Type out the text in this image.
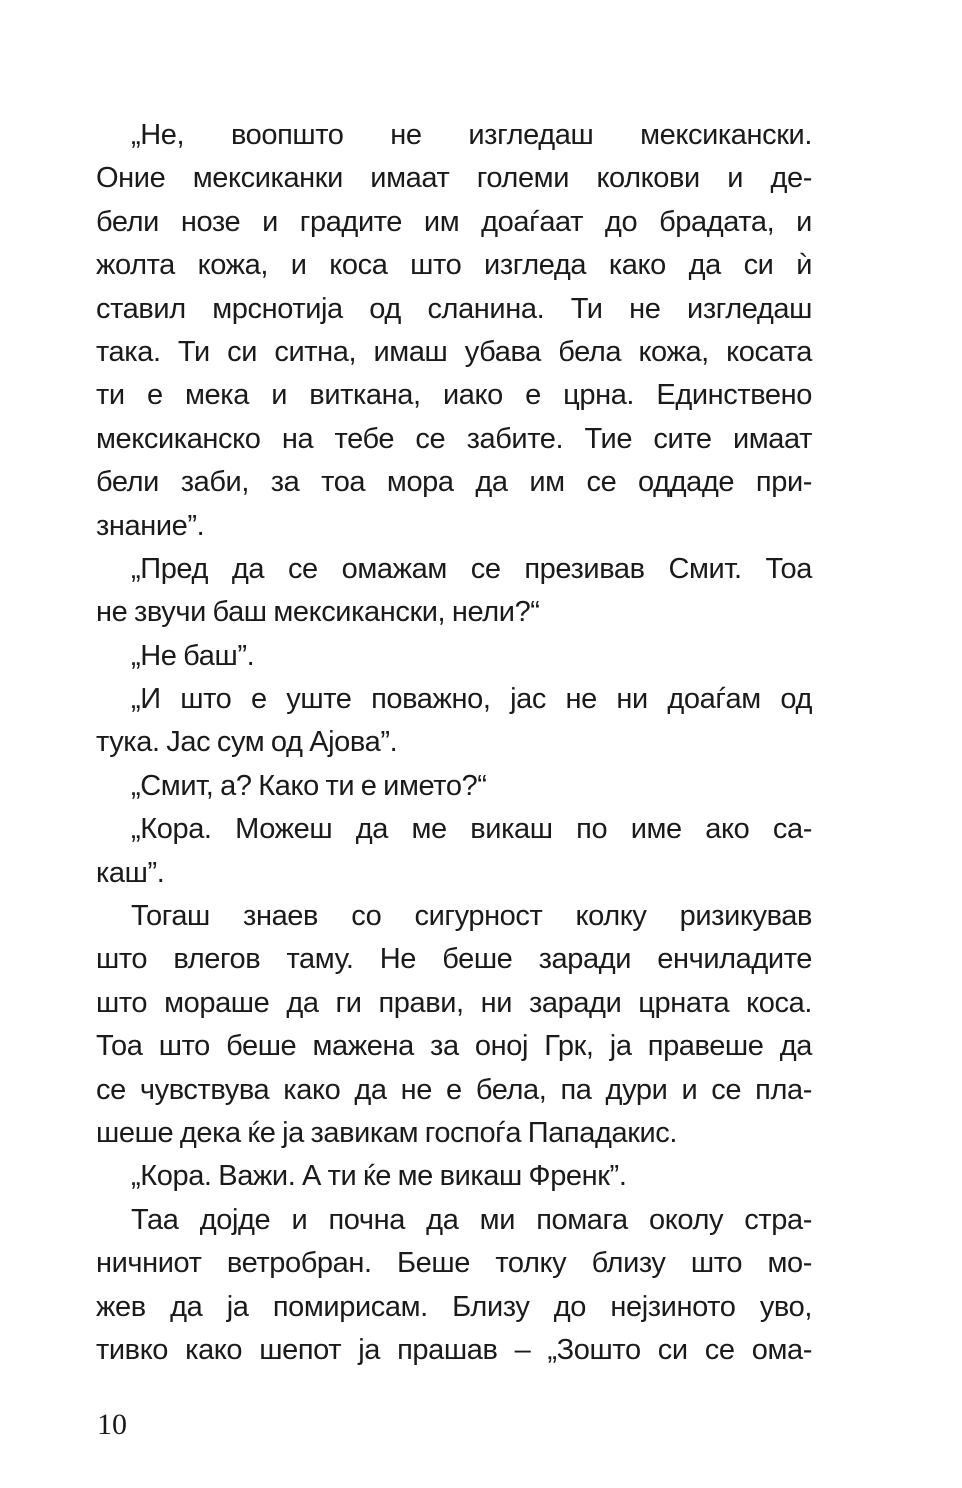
„Не, воопшто не изгледаш мексикански.
Оние мексиканки имаат големи колкови и де-
бели нозе и градите им доаѓаат до брадата, и
жолта кожа, и коса што изгледа како да си ѝ
ставил мрснотија од сланина. Ти не изгледаш
така. Ти си ситна, имаш убава бела кожа, косата
ти е мека и виткана, иако е црна. Единствено
мексиканско на тебе се забите. Тие сите имаат
бели заби, за тоа мора да им се оддаде при-
знание”.
„Пред да се омажам се презивав Смит. Тоа
не звучи баш мексикански, нели?“
„Не баш”.
„И што е уште поважно, јас не ни доаѓам од
тука. Јас сум од Ајова”.
„Смит, а? Како ти е името?“
„Кора. Можеш да ме викаш по име ако са-
каш”.
Тогаш знаев со сигурност колку ризикував
што влегов таму. Не беше заради енчиладите
што мораше да ги прави, ни заради црната коса.
Тоа што беше мажена за оној Грк, ја правеше да
се чувствува како да не е бела, па дури и се пла-
шеше дека ќе ја завикам госпоѓа Пападакис.
„Кора. Важи. А ти ќе ме викаш Френк”.
Таа дојде и почна да ми помага околу стра-
ничниот ветробран. Беше толку близу што мо-
жев да ја помирисам. Близу до нејзиното уво,
тивко како шепот ја прашав – „Зошто си се ома-
10
